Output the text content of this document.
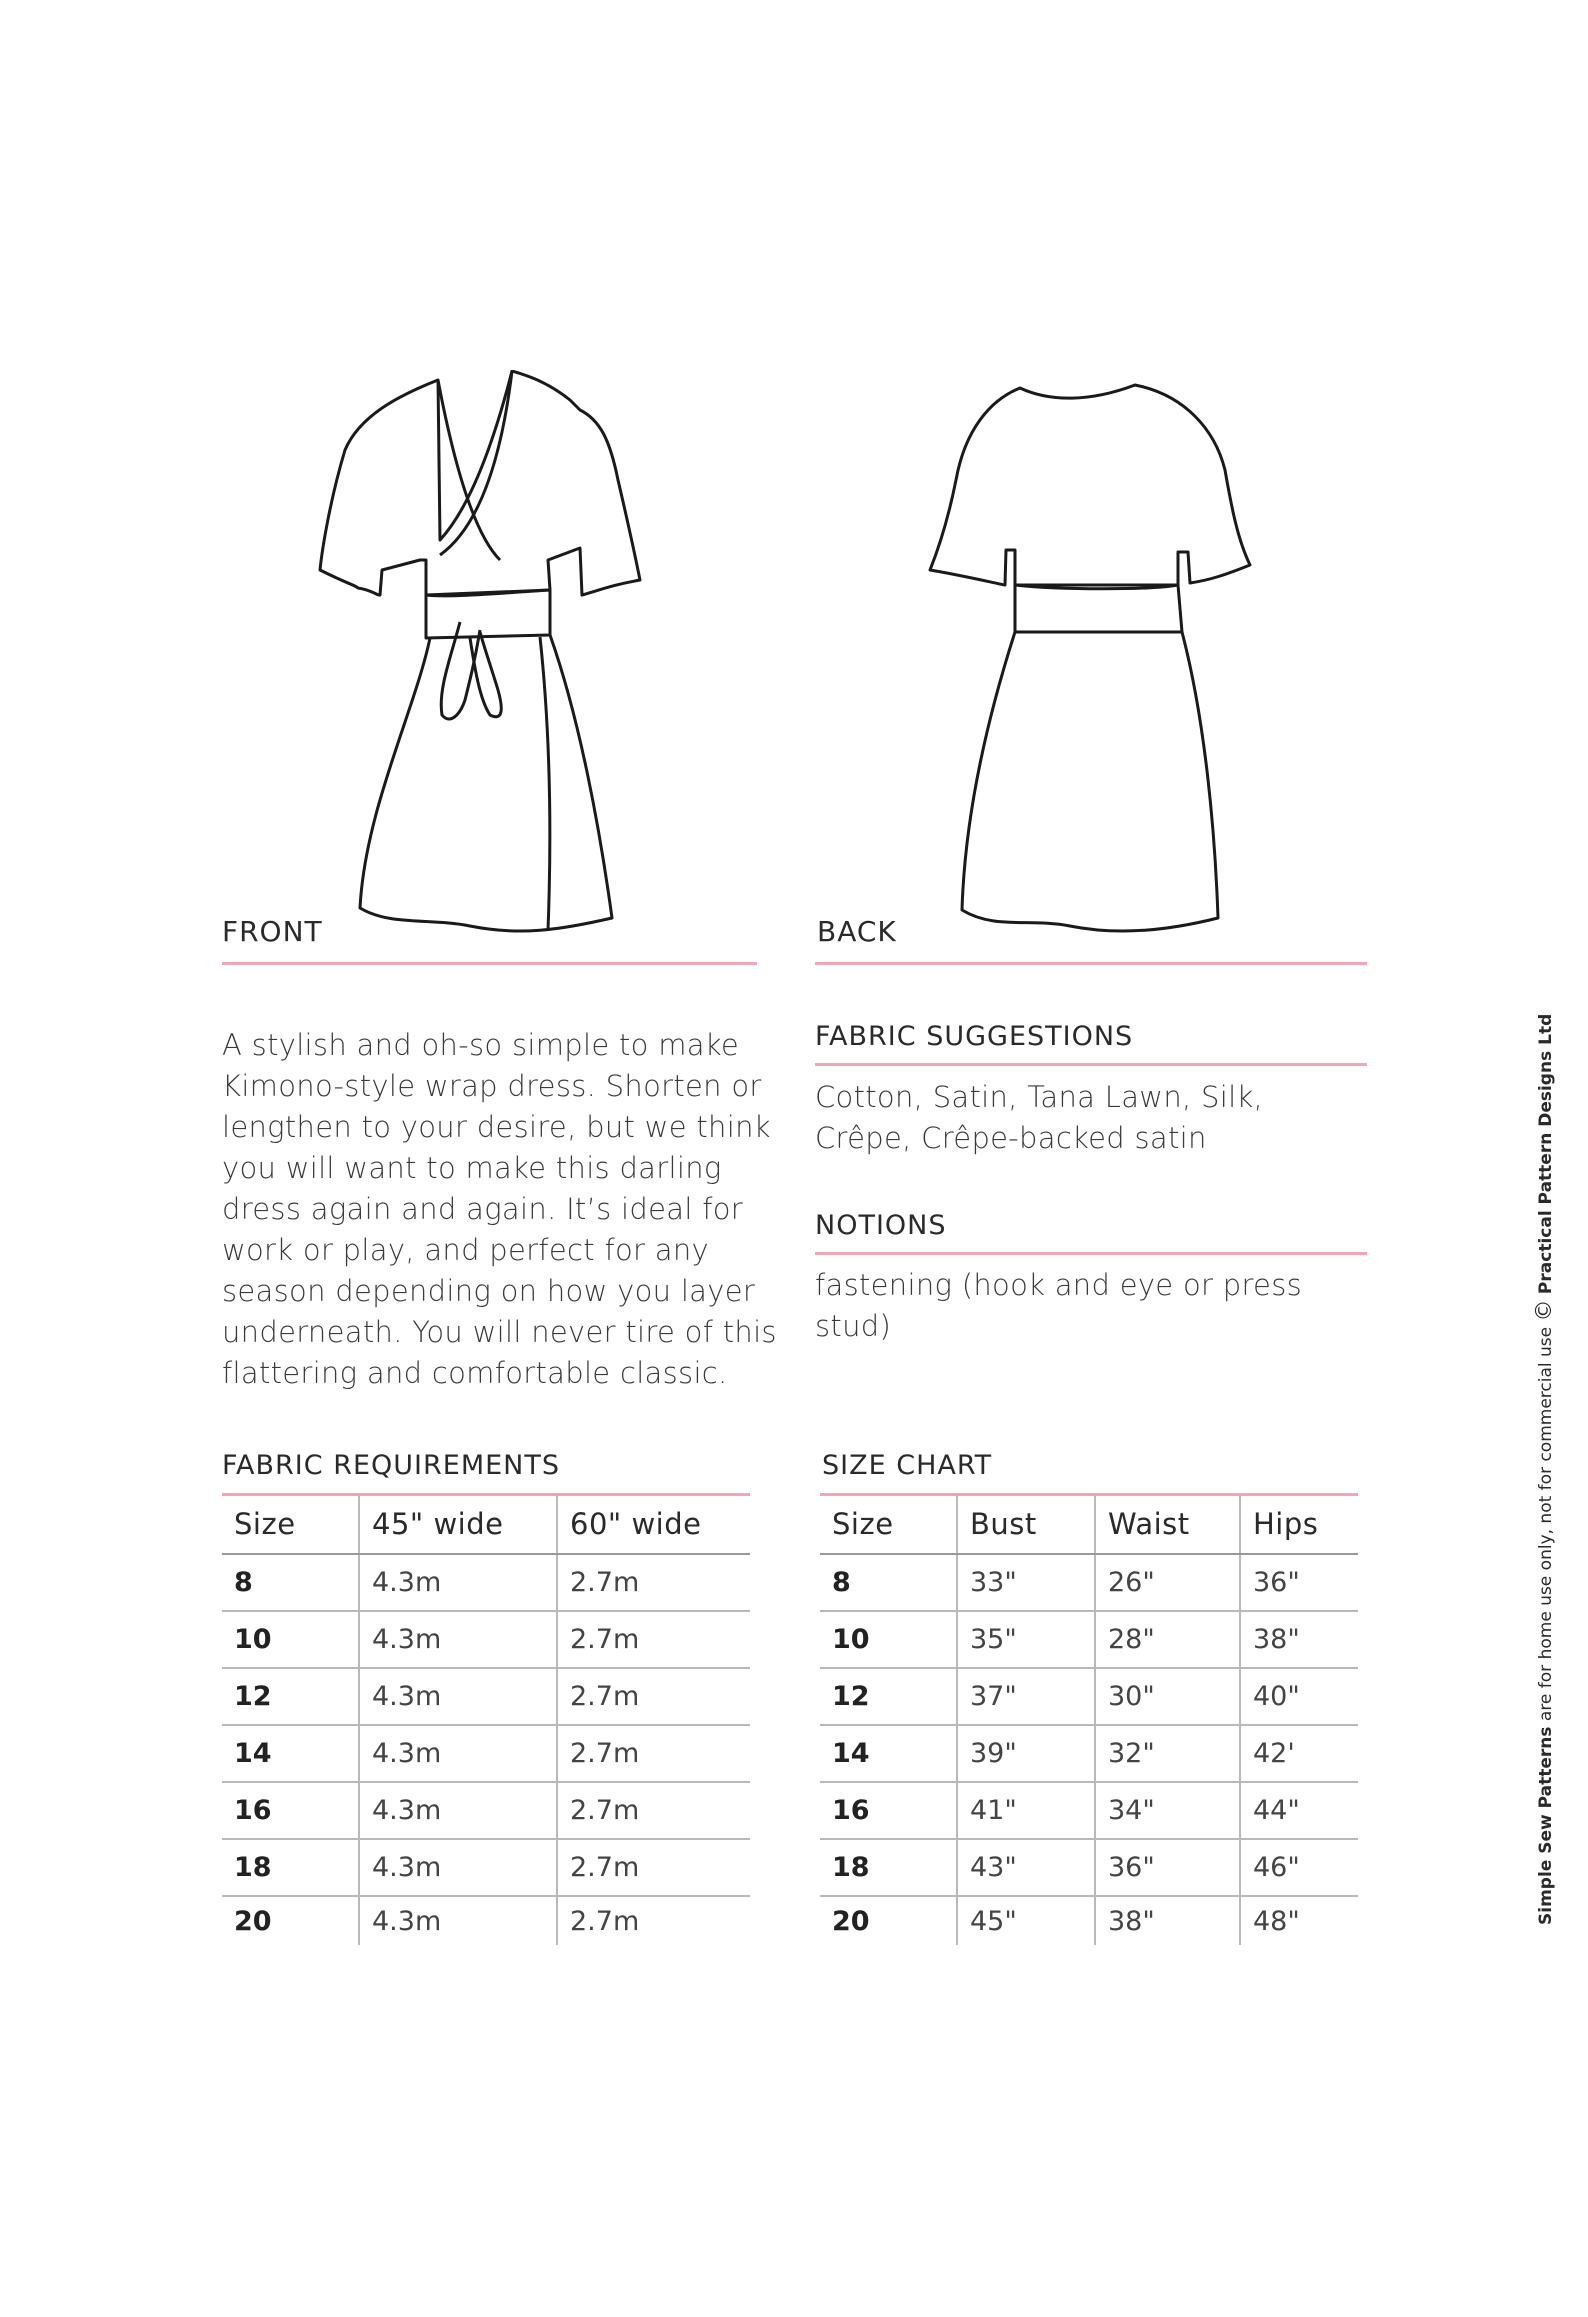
FRONT	BACK
A stylish and oh-so simple to make
Kimono-style wrap dress. Shorten or
lengthen to your desire, but we think
you will want to make this darling
dress again and again. It’s ideal for
work or play, and perfect for any
season depending on how you layer
underneath. You will never tire of this
flattering and comfortable classic.
FABRIC SUGGESTIONS
Cotton, Satin, Tana Lawn, Silk,
Crêpe, Crêpe-backed satin
NOTIONS
fastening (hook and eye or press stud)
FABRIC REQUIREMENTS
Size	45" wide	60" wide
8	4.3m	2.7m
10	4.3m	2.7m
12	4.3m	2.7m
14	4.3m	2.7m
16	4.3m	2.7m
18	4.3m	2.7m
20	4.3m	2.7m
SIZE CHART
Size	Bust	Waist	Hips
8	33"	26"	36"
10	35"	28"	38"
12	37"	30"	40"
14	39"	32"	42'
16	41"	34"	44"
18	43"	36"	46"
20	45"	38"	48"	Simple Sew Patterns are for home use only, not for commercial use © Practical Pattern Designs Ltd
